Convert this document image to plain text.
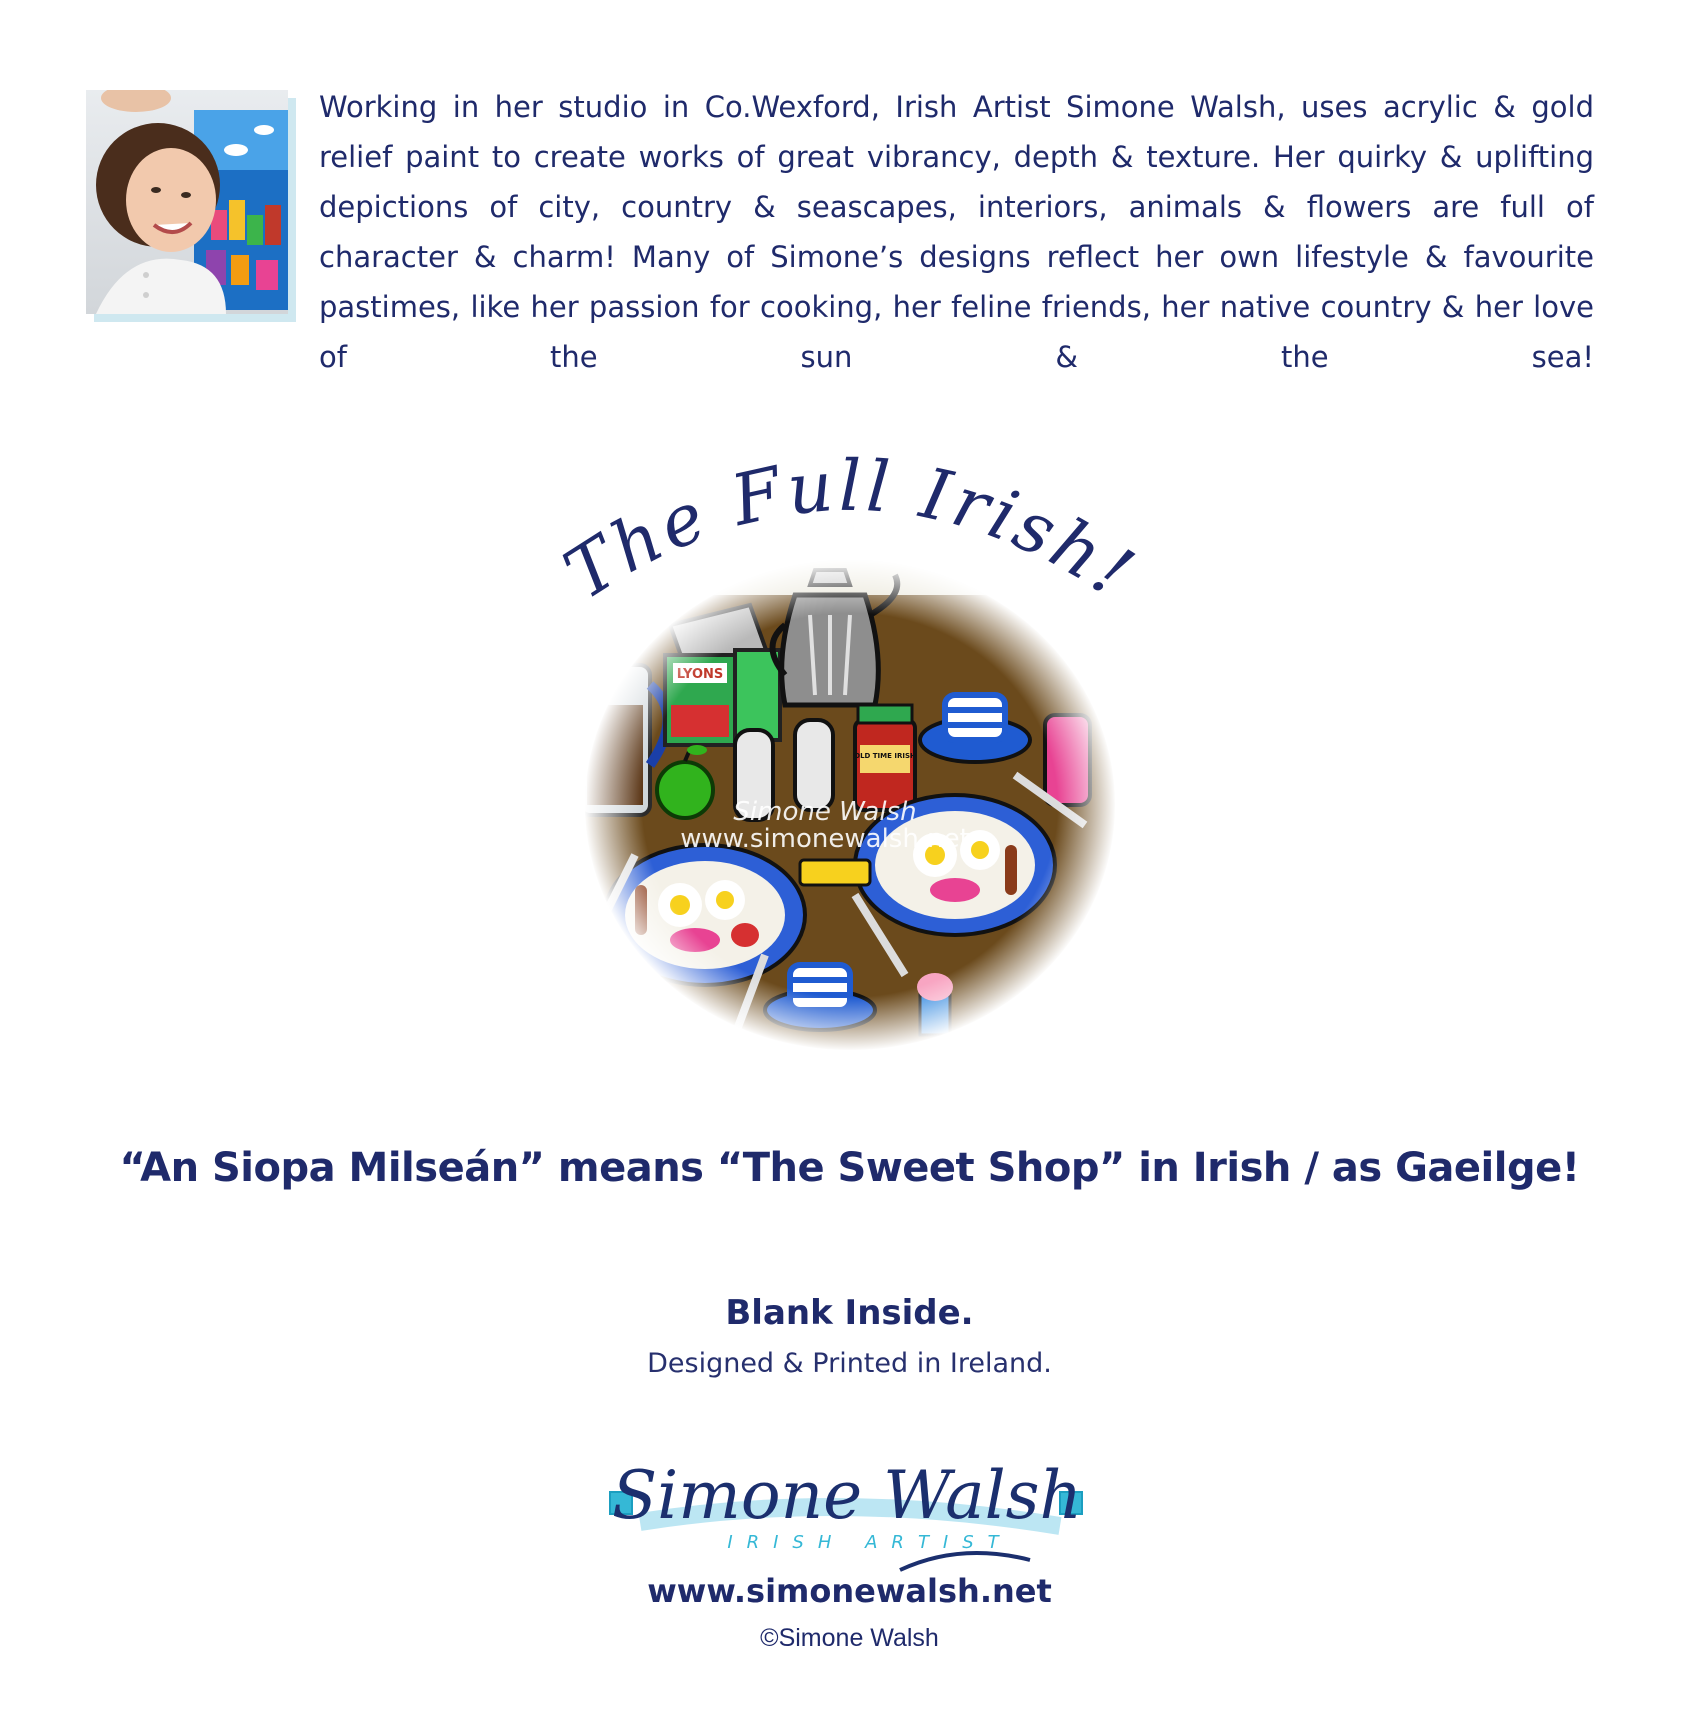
Working in her studio in Co.Wexford, Irish Artist Simone Walsh, uses acrylic & gold relief paint to create works of great vibrancy, depth & texture. Her quirky & uplifting depictions of city, country & seascapes, interiors, animals & flowers are full of character & charm! Many of Simone’s designs reflect her own lifestyle & favourite pastimes, like her passion for cooking, her feline friends, her native country & her love of the sun & the sea!

The Full Irish!
“An Siopa Milseán” means “The Sweet Shop” in Irish / as Gaeilge!
Blank Inside.
Designed & Printed in Ireland.
Simone Walsh
IRISH ARTIST
www.simonewalsh.net
©Simone Walsh
